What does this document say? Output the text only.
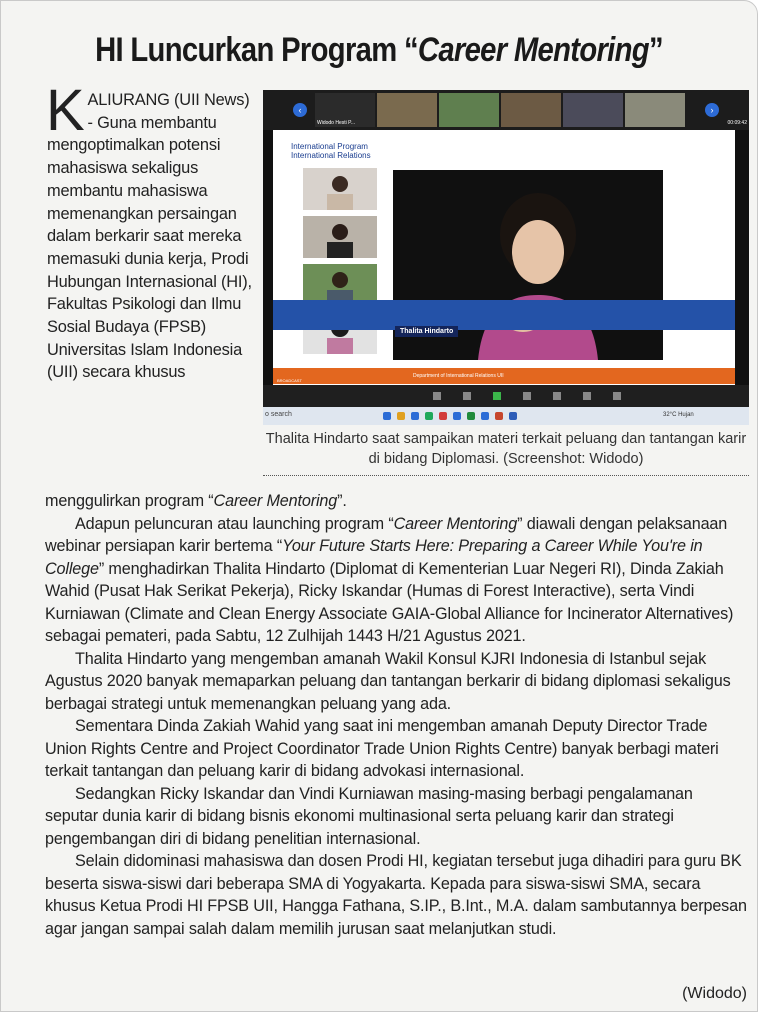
HI Luncurkan Program “Career Mentoring”
KALIURANG (UII News) - Guna membantu mengoptimalkan potensi mahasiswa sekaligus membantu mahasiswa memenangkan persaingan dalam berkarir saat mereka memasuki dunia kerja, Prodi Hubungan Internasional (HI), Fakultas Psikologi dan Ilmu Sosial Budaya (FPSB) Universitas Islam Indonesia (UII) secara khusus
‹
Widodo Hesti P...
›
00:09:42
International Program
International Relations
Thalita Hindarto
BROADCAST
Department of International Relations UII
o search	32°C Hujan
Thalita Hindarto saat sampaikan materi terkait peluang dan tantangan karir di bidang Diplomasi. (Screenshot: Widodo)

menggulirkan program “Career Mentoring”.

Adapun peluncuran atau launching program “Career Mentoring” diawali dengan pelaksanaan webinar persiapan karir bertema “Your Future Starts Here: Preparing a Career While You're in College” menghadirkan Thalita Hindarto (Diplomat di Kementerian Luar Negeri RI), Dinda Zakiah Wahid (Pusat Hak Serikat Pekerja), Ricky Iskandar (Humas di Forest Interactive), serta Vindi Kurniawan (Climate and Clean Energy Associate GAIA-Global Alliance for Incinerator Alternatives) sebagai pemateri, pada Sabtu, 12 Zulhijah 1443 H/21 Agustus 2021.

Thalita Hindarto yang mengemban amanah Wakil Konsul KJRI Indonesia di Istanbul sejak Agustus 2020 banyak memaparkan peluang dan tantangan berkarir di bidang diplomasi sekaligus berbagai strategi untuk memenangkan peluang yang ada.

Sementara Dinda Zakiah Wahid yang saat ini mengemban amanah Deputy Director Trade Union Rights Centre and Project Coordinator Trade Union Rights Centre) banyak berbagi materi terkait tantangan dan peluang karir di bidang advokasi internasional.

Sedangkan Ricky Iskandar dan Vindi Kurniawan masing-masing berbagi pengalamanan seputar dunia karir di bidang bisnis ekonomi multinasional serta peluang karir dan strategi pengembangan diri di bidang penelitian internasional.

Selain didominasi mahasiswa dan dosen Prodi HI, kegiatan tersebut juga dihadiri para guru BK beserta siswa-siswi dari beberapa SMA di Yogyakarta. Kepada para siswa-siswi SMA, secara khusus Ketua Prodi HI FPSB UII, Hangga Fathana, S.IP., B.Int., M.A. dalam sambutannya berpesan agar jangan sampai salah dalam memilih jurusan saat melanjutkan studi.

(Widodo)
